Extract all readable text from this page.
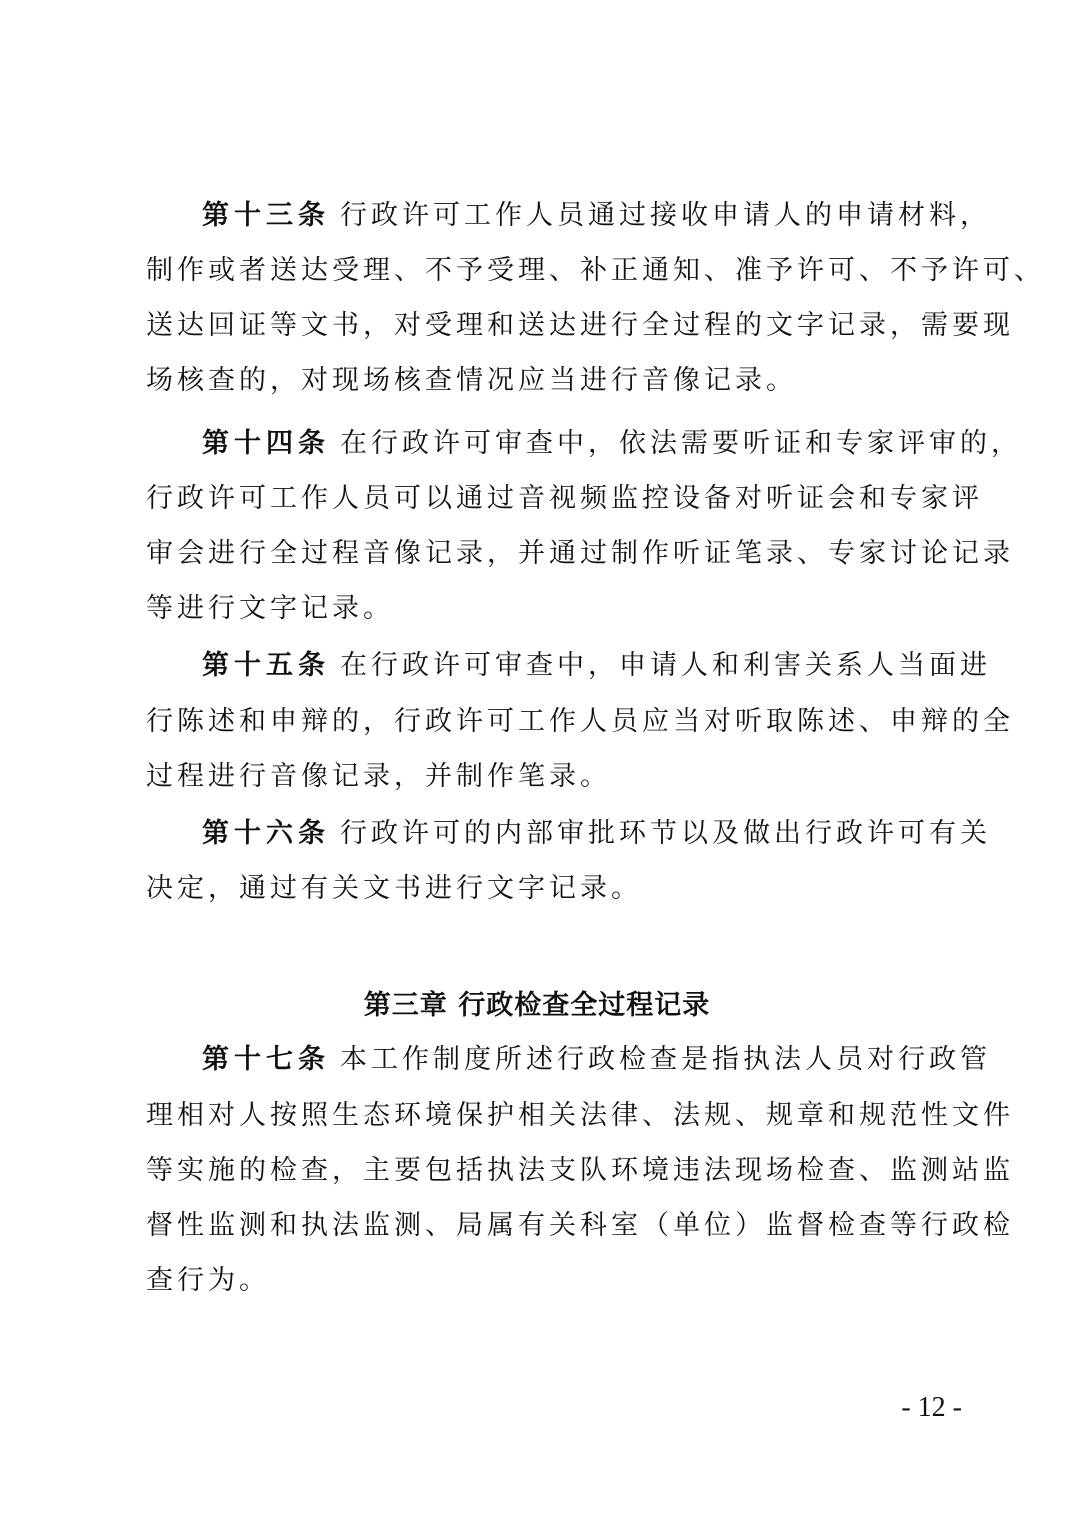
第十三条 行政许可工作人员通过接收申请人的申请材料，
制作或者送达受理、不予受理、补正通知、准予许可、不予许可、
送达回证等文书，对受理和送达进行全过程的文字记录，需要现
场核查的，对现场核查情况应当进行音像记录。
第十四条 在行政许可审查中，依法需要听证和专家评审的，
行政许可工作人员可以通过音视频监控设备对听证会和专家评
审会进行全过程音像记录，并通过制作听证笔录、专家讨论记录
等进行文字记录。
第十五条 在行政许可审查中，申请人和利害关系人当面进
行陈述和申辩的，行政许可工作人员应当对听取陈述、申辩的全
过程进行音像记录，并制作笔录。
第十六条 行政许可的内部审批环节以及做出行政许可有关
决定，通过有关文书进行文字记录。
第三章 行政检查全过程记录
第十七条 本工作制度所述行政检查是指执法人员对行政管
理相对人按照生态环境保护相关法律、法规、规章和规范性文件
等实施的检查，主要包括执法支队环境违法现场检查、监测站监
督性监测和执法监测、局属有关科室（单位）监督检查等行政检
查行为。
- 12 -
